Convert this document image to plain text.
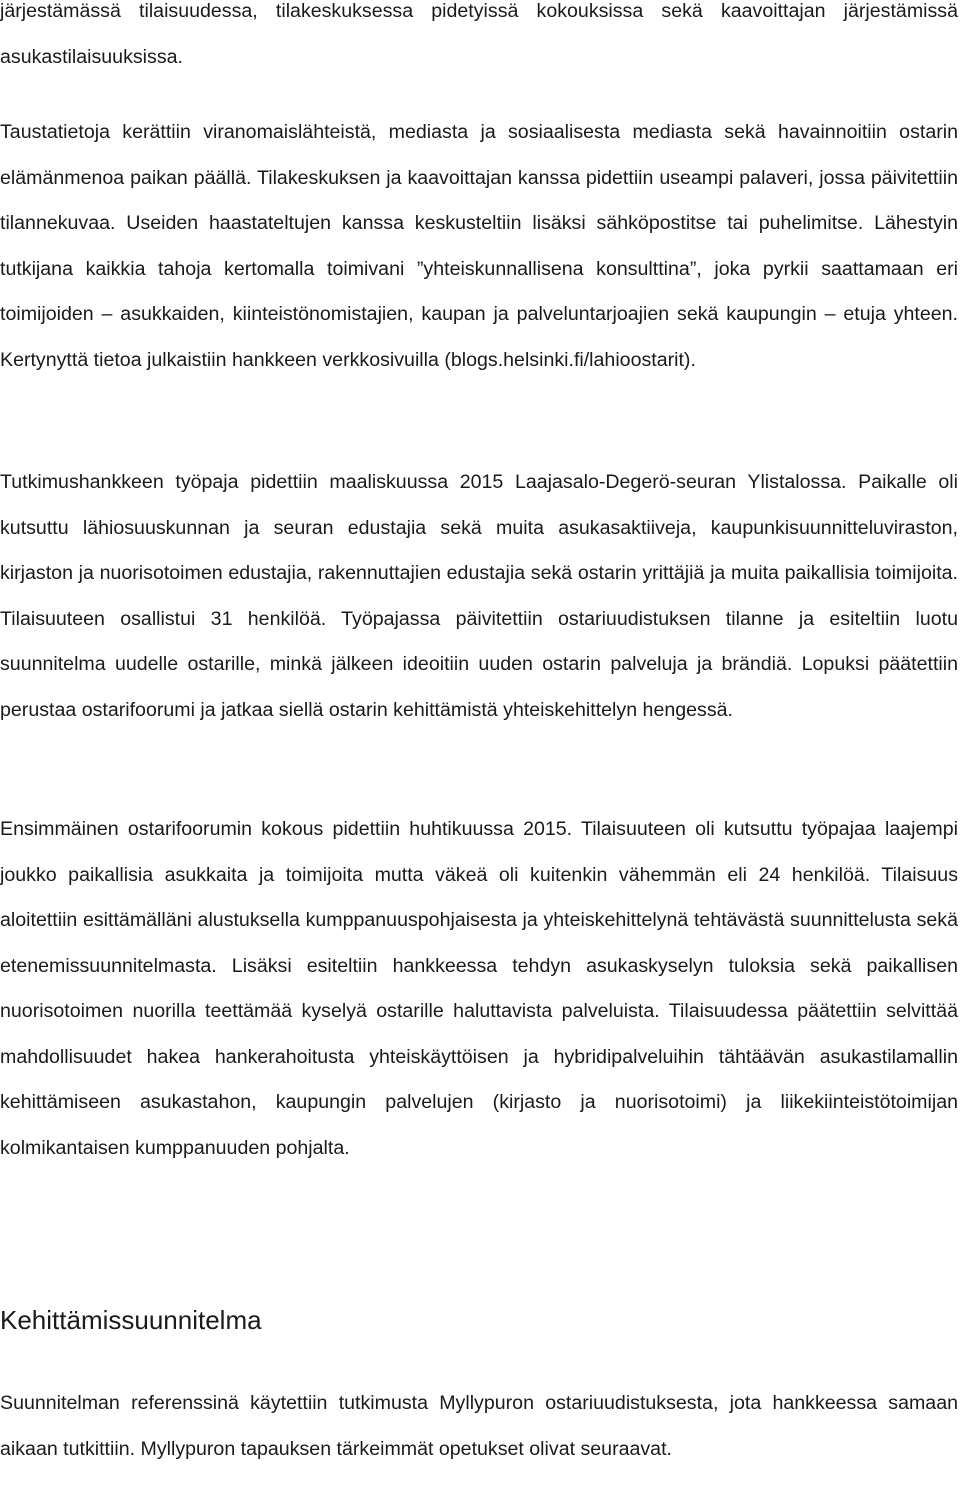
järjestämässä tilaisuudessa, tilakeskuksessa pidetyissä kokouksissa sekä kaavoittajan järjestämissä asukastilaisuuksissa.

Taustatietoja kerättiin viranomaislähteistä, mediasta ja sosiaalisesta mediasta sekä havainnoitiin ostarin elämänmenoa paikan päällä. Tilakeskuksen ja kaavoittajan kanssa pidettiin useampi palaveri, jossa päivitettiin tilannekuvaa. Useiden haastateltujen kanssa keskusteltiin lisäksi sähköpostitse tai puhelimitse. Lähestyin tutkijana kaikkia tahoja kertomalla toimivani ”yhteiskunnallisena konsulttina”, joka pyrkii saattamaan eri toimijoiden – asukkaiden, kiinteistönomistajien, kaupan ja palveluntarjoajien sekä kaupungin – etuja yhteen. Kertynyttä tietoa julkaistiin hankkeen verkkosivuilla (blogs.helsinki.fi/lahioostarit).

Tutkimushankkeen työpaja pidettiin maaliskuussa 2015 Laajasalo-Degerö-seuran Ylistalossa. Paikalle oli kutsuttu lähiosuuskunnan ja seuran edustajia sekä muita asukasaktiiveja, kaupunkisuunnitteluviraston, kirjaston ja nuorisotoimen edustajia, rakennuttajien edustajia sekä ostarin yrittäjiä ja muita paikallisia toimijoita. Tilaisuuteen osallistui 31 henkilöä. Työpajassa päivitettiin ostariuudistuksen tilanne ja esiteltiin luotu suunnitelma uudelle ostarille, minkä jälkeen ideoitiin uuden ostarin palveluja ja brändiä. Lopuksi päätettiin perustaa ostarifoorumi ja jatkaa siellä ostarin kehittämistä yhteiskehittelyn hengessä.

Ensimmäinen ostarifoorumin kokous pidettiin huhtikuussa 2015. Tilaisuuteen oli kutsuttu työpajaa laajempi joukko paikallisia asukkaita ja toimijoita mutta väkeä oli kuitenkin vähemmän eli 24 henkilöä. Tilaisuus aloitettiin esittämälläni alustuksella kumppanuuspohjaisesta ja yhteiskehittelynä tehtävästä suunnittelusta sekä etenemissuunnitelmasta. Lisäksi esiteltiin hankkeessa tehdyn asukaskyselyn tuloksia sekä paikallisen nuorisotoimen nuorilla teettämää kyselyä ostarille haluttavista palveluista. Tilaisuudessa päätettiin selvittää mahdollisuudet hakea hankerahoitusta yhteiskäyttöisen ja hybridipalveluihin tähtäävän asukastilamallin kehittämiseen asukastahon, kaupungin palvelujen (kirjasto ja nuorisotoimi) ja liikekiinteistötoimijan kolmikantaisen kumppanuuden pohjalta.

Kehittämissuunnitelma

Suunnitelman referenssinä käytettiin tutkimusta Myllypuron ostariuudistuksesta, jota hankkeessa samaan aikaan tutkittiin. Myllypuron tapauksen tärkeimmät opetukset olivat seuraavat.
